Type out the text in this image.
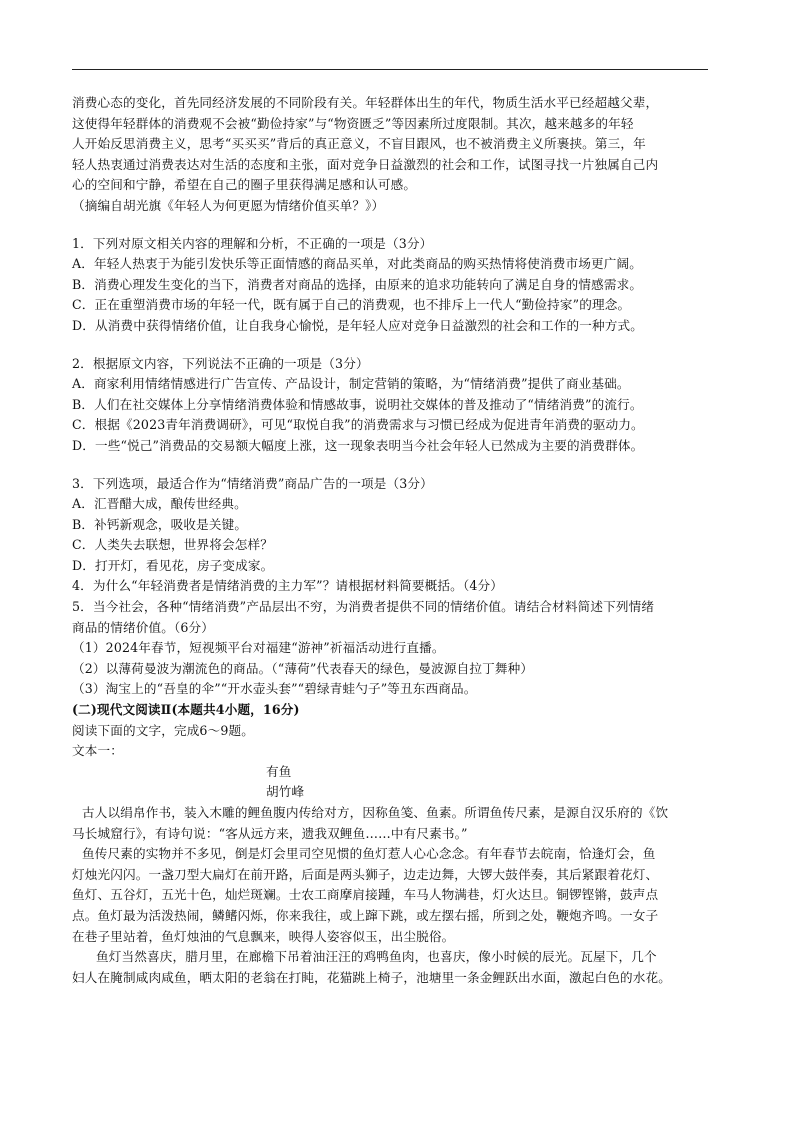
消费心态的变化，首先同经济发展的不同阶段有关。年轻群体出生的年代，物质生活水平已经超越父辈，
这使得年轻群体的消费观不会被“勤俭持家”与“物资匮乏”等因素所过度限制。其次，越来越多的年轻
人开始反思消费主义，思考“买买买”背后的真正意义，不盲目跟风，也不被消费主义所裹挟。第三，年
轻人热衷通过消费表达对生活的态度和主张，面对竞争日益激烈的社会和工作，试图寻找一片独属自己内
心的空间和宁静，希望在自己的圈子里获得满足感和认可感。
（摘编自胡光旗《年轻人为何更愿为情绪价值买单？》）
1．下列对原文相关内容的理解和分析，不正确的一项是（3分）
A．年轻人热衷于为能引发快乐等正面情感的商品买单，对此类商品的购买热情将使消费市场更广阔。
B．消费心理发生变化的当下，消费者对商品的选择，由原来的追求功能转向了满足自身的情感需求。
C．正在重塑消费市场的年轻一代，既有属于自己的消费观，也不排斥上一代人“勤俭持家”的理念。
D．从消费中获得情绪价值，让自我身心愉悦，是年轻人应对竞争日益激烈的社会和工作的一种方式。
2．根据原文内容，下列说法不正确的一项是（3分）
A．商家利用情绪情感进行广告宣传、产品设计，制定营销的策略，为“情绪消费”提供了商业基础。
B．人们在社交媒体上分享情绪消费体验和情感故事，说明社交媒体的普及推动了“情绪消费”的流行。
C．根据《2023青年消费调研》，可见“取悦自我”的消费需求与习惯已经成为促进青年消费的驱动力。
D．一些“悦己”消费品的交易额大幅度上涨，这一现象表明当今社会年轻人已然成为主要的消费群体。
3．下列选项，最适合作为“情绪消费”商品广告的一项是（3分）
A．汇晋醋大成，酿传世经典。
B．补钙新观念，吸收是关键。
C．人类失去联想，世界将会怎样？
D．打开灯，看见花，房子变成家。
4．为什么“年轻消费者是情绪消费的主力军”？请根据材料简要概括。（4分）
5．当今社会，各种“情绪消费”产品层出不穷，为消费者提供不同的情绪价值。请结合材料简述下列情绪
商品的情绪价值。（6分）
（1）2024年春节，短视频平台对福建“游神”祈福活动进行直播。
（2）以薄荷曼波为潮流色的商品。（“薄荷”代表春天的绿色，曼波源自拉丁舞种）
（3）淘宝上的“吾皇的伞”“开水壶头套”“碧绿青蛙勺子”等丑东西商品。
(二)现代文阅读Ⅱ(本题共4小题，16分)
阅读下面的文字，完成6～9题。
文本一：
有鱼
胡竹峰
古人以绢帛作书，装入木雕的鲤鱼腹内传给对方，因称鱼笺、鱼素。所谓鱼传尺素，是源自汉乐府的《饮
马长城窟行》，有诗句说：“客从远方来，遗我双鲤鱼……中有尺素书。”
鱼传尺素的实物并不多见，倒是灯会里司空见惯的鱼灯惹人心心念念。有年春节去皖南，恰逢灯会，鱼
灯烛光闪闪。一盏刀型大扁灯在前开路，后面是两头狮子，边走边舞，大锣大鼓伴奏，其后紧跟着花灯、
鱼灯、五谷灯，五光十色，灿烂斑斓。士农工商摩肩接踵，车马人物满巷，灯火达旦。铜锣铿锵，鼓声点
点。鱼灯最为活泼热闹，鳞鳍闪烁，你来我往，或上蹿下跳，或左摆右摇，所到之处，鞭炮齐鸣。一女子
在巷子里站着，鱼灯烛油的气息飘来，映得人姿容似玉，出尘脱俗。
鱼灯当然喜庆，腊月里，在廊檐下吊着油汪汪的鸡鸭鱼肉，也喜庆，像小时候的辰光。瓦屋下，几个
妇人在腌制咸肉咸鱼，晒太阳的老翁在打盹，花猫跳上椅子，池塘里一条金鲤跃出水面，激起白色的水花。
